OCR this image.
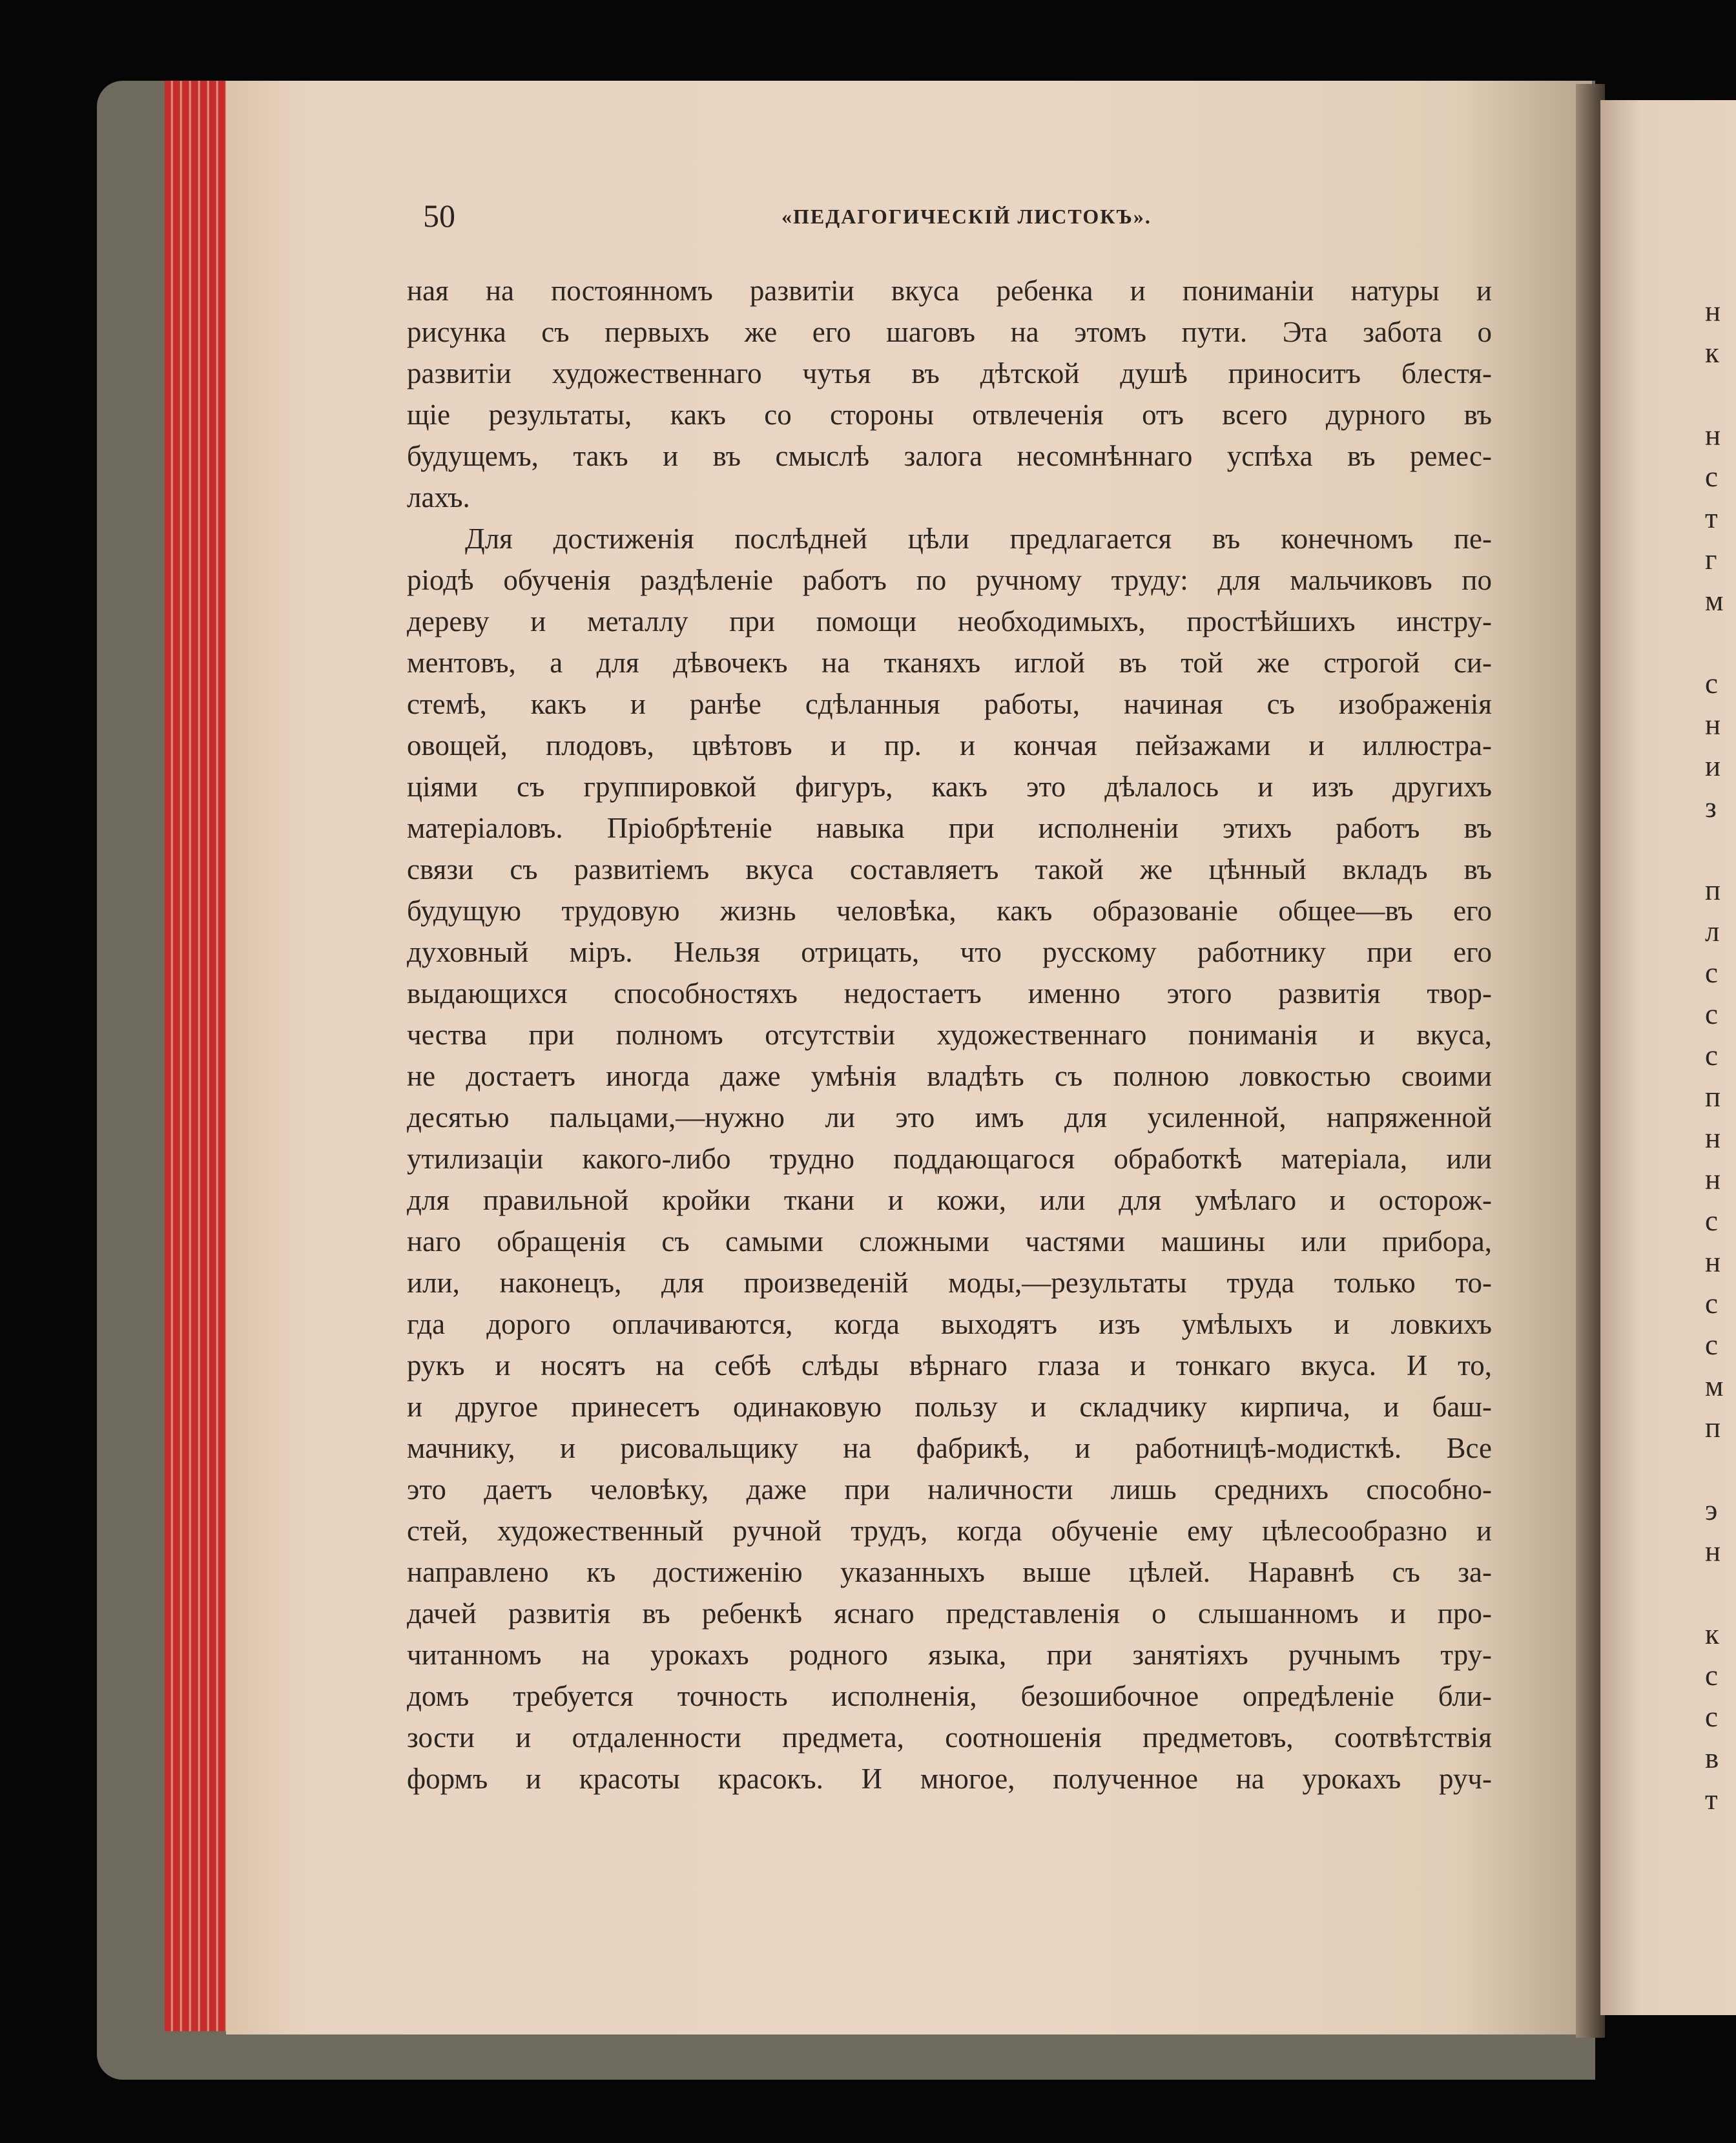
50	«ПЕДАГОГИЧЕСКІЙ ЛИСТОКЪ».
ная на постоянномъ развитіи вкуса ребенка и пониманіи натуры и
рисунка съ первыхъ же его шаговъ на этомъ пути. Эта забота о
развитіи художественнаго чутья въ дѣтской душѣ приноситъ блестя-
щіе результаты, какъ со стороны отвлеченія отъ всего дурного въ
будущемъ, такъ и въ смыслѣ залога несомнѣннаго успѣха въ ремес-
лахъ.
Для достиженія послѣдней цѣли предлагается въ конечномъ пе-
ріодѣ обученія раздѣленіе работъ по ручному труду: для мальчиковъ по
дереву и металлу при помощи необходимыхъ, простѣйшихъ инстру-
ментовъ, а для дѣвочекъ на тканяхъ иглой въ той же строгой си-
стемѣ, какъ и ранѣе сдѣланныя работы, начиная съ изображенія
овощей, плодовъ, цвѣтовъ и пр. и кончая пейзажами и иллюстра-
ціями съ группировкой фигуръ, какъ это дѣлалось и изъ другихъ
матеріаловъ. Пріобрѣтеніе навыка при исполненіи этихъ работъ въ
связи съ развитіемъ вкуса составляетъ такой же цѣнный вкладъ въ
будущую трудовую жизнь человѣка, какъ образованіе общее—въ его
духовный міръ. Нельзя отрицать, что русскому работнику при его
выдающихся способностяхъ недостаетъ именно этого развитія твор-
чества при полномъ отсутствіи художественнаго пониманія и вкуса,
не достаетъ иногда даже умѣнія владѣть съ полною ловкостью своими
десятью пальцами,—нужно ли это имъ для усиленной, напряженной
утилизаціи какого-либо трудно поддающагося обработкѣ матеріала, или
для правильной кройки ткани и кожи, или для умѣлаго и осторож-
наго обращенія съ самыми сложными частями машины или прибора,
или, наконецъ, для произведеній моды,—результаты труда только то-
гда дорого оплачиваются, когда выходятъ изъ умѣлыхъ и ловкихъ
рукъ и носятъ на себѣ слѣды вѣрнаго глаза и тонкаго вкуса. И то,
и другое принесетъ одинаковую пользу и складчику кирпича, и баш-
мачнику, и рисовальщику на фабрикѣ, и работницѣ-модисткѣ. Все
это даетъ человѣку, даже при наличности лишь среднихъ способно-
стей, художественный ручной трудъ, когда обученіе ему цѣлесообразно и
направлено къ достиженію указанныхъ выше цѣлей. Наравнѣ съ за-
дачей развитія въ ребенкѣ яснаго представленія о слышанномъ и про-
читанномъ на урокахъ родного языка, при занятіяхъ ручнымъ тру-
домъ требуется точность исполненія, безошибочное опредѣленіе бли-
зости и отдаленности предмета, соотношенія предметовъ, соотвѣтствія
формъ и красоты красокъ. И многое, полученное на урокахъ руч-
н
к
н
с
т
г
м
с
н
и
з
п
л
с
с
с
п
н
н
с
н
с
с
м
п
э
н
к
с
с
в
т
